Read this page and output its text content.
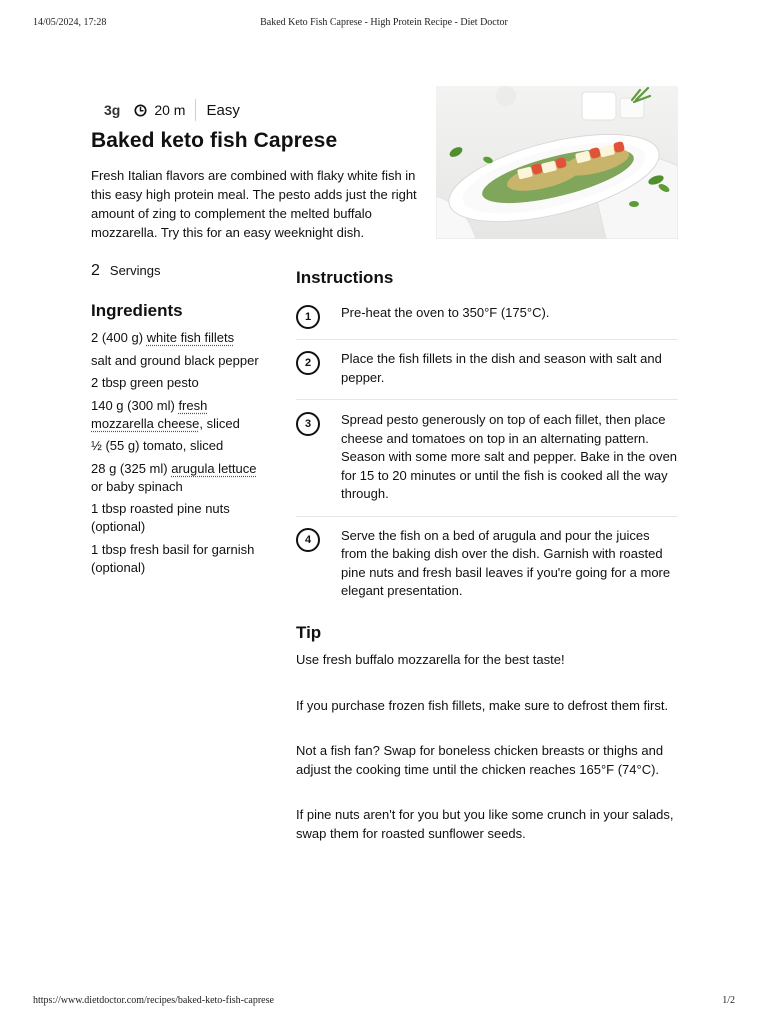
14/05/2024, 17:28	Baked Keto Fish Caprese - High Protein Recipe - Diet Doctor
3g 20 m Easy
Baked keto fish Caprese

Fresh Italian flavors are combined with flaky white fish in this easy high protein meal. The pesto adds just the right amount of zing to complement the melted buffalo mozzarella. Try this for an easy weeknight dish.

2 Servings
Ingredients
2 (400 g) white fish fillets
salt and ground black pepper
2 tbsp green pesto
140 g (300 ml) fresh mozzarella cheese, sliced
½ (55 g) tomato, sliced
28 g (325 ml) arugula lettuce or baby spinach
1 tbsp roasted pine nuts (optional)
1 tbsp fresh basil for garnish (optional)
Instructions
1	Pre-heat the oven to 350°F (175°C).
2	Place the fish fillets in the dish and season with salt and pepper.
3	Spread pesto generously on top of each fillet, then place cheese and tomatoes on top in an alternating pattern. Season with some more salt and pepper. Bake in the oven for 15 to 20 minutes or until the fish is cooked all the way through.
4	Serve the fish on a bed of arugula and pour the juices from the baking dish over the dish. Garnish with roasted pine nuts and fresh basil leaves if you're going for a more elegant presentation.
Tip

Use fresh buffalo mozzarella for the best taste!

If you purchase frozen fish fillets, make sure to defrost them first.

Not a fish fan? Swap for boneless chicken breasts or thighs and adjust the cooking time until the chicken reaches 165°F (74°C).

If pine nuts aren't for you but you like some crunch in your salads, swap them for roasted sunflower seeds.

https://www.dietdoctor.com/recipes/baked-keto-fish-caprese	1/2
